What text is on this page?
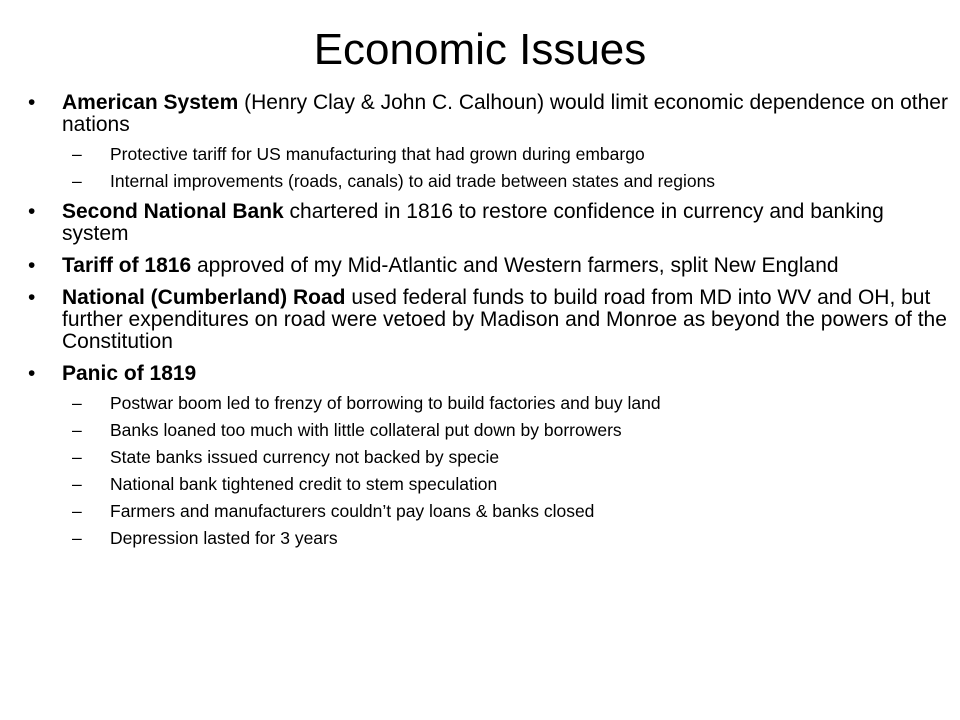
Economic Issues
•	American System (Henry Clay & John C. Calhoun) would limit economic dependence on other nations
– Protective tariff for US manufacturing that had grown during embargo
– Internal improvements (roads, canals) to aid trade between states and regions
•	Second National Bank chartered in 1816 to restore confidence in currency and banking system
•	Tariff of 1816 approved of my Mid-Atlantic and Western farmers, split New England
•	National (Cumberland) Road used federal funds to build road from MD into WV and OH, but further expenditures on road were vetoed by Madison and Monroe as beyond the powers of the Constitution
•	Panic of 1819
– Postwar boom led to frenzy of borrowing to build factories and buy land
– Banks loaned too much with little collateral put down by borrowers
– State banks issued currency not backed by specie
– National bank tightened credit to stem speculation
– Farmers and manufacturers couldn’t pay loans & banks closed
– Depression lasted for 3 years
